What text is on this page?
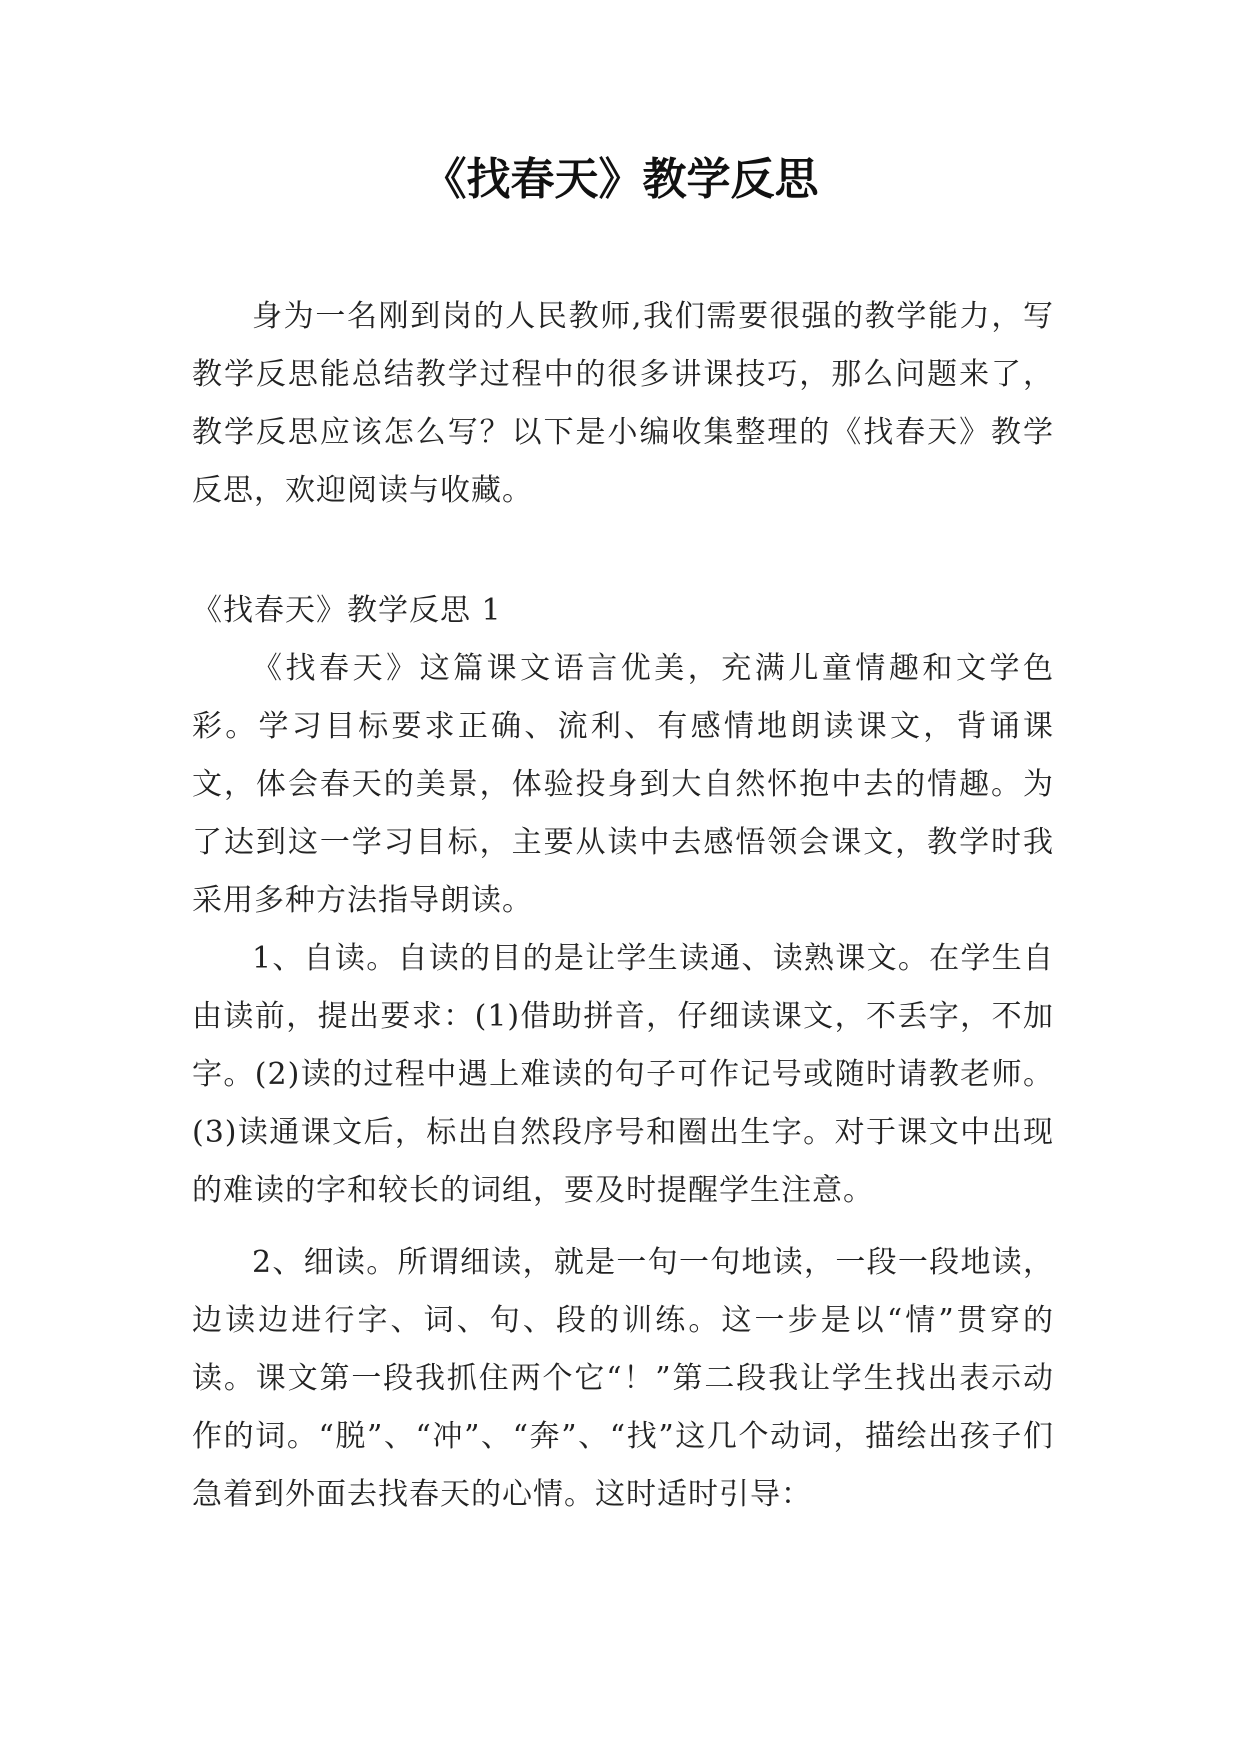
《找春天》教学反思

身为一名刚到岗的人民教师,我们需要很强的教学能力，写教学反思能总结教学过程中的很多讲课技巧，那么问题来了，教学反思应该怎么写？以下是小编收集整理的《找春天》教学反思，欢迎阅读与收藏。

《找春天》教学反思 1

《找春天》这篇课文语言优美，充满儿童情趣和文学色彩。学习目标要求正确、流利、有感情地朗读课文，背诵课文，体会春天的美景，体验投身到大自然怀抱中去的情趣。为了达到这一学习目标，主要从读中去感悟领会课文，教学时我采用多种方法指导朗读。

1、自读。自读的目的是让学生读通、读熟课文。在学生自由读前，提出要求：(1)借助拼音，仔细读课文，不丢字，不加字。(2)读的过程中遇上难读的句子可作记号或随时请教老师。(3)读通课文后，标出自然段序号和圈出生字。对于课文中出现的难读的字和较长的词组，要及时提醒学生注意。

2、细读。所谓细读，就是一句一句地读，一段一段地读，边读边进行字、词、句、段的训练。这一步是以“情”贯穿的读。课文第一段我抓住两个它“！”第二段我让学生找出表示动作的词。“脱”、“冲”、“奔”、“找”这几个动词，描绘出孩子们急着到外面去找春天的心情。这时适时引导：
